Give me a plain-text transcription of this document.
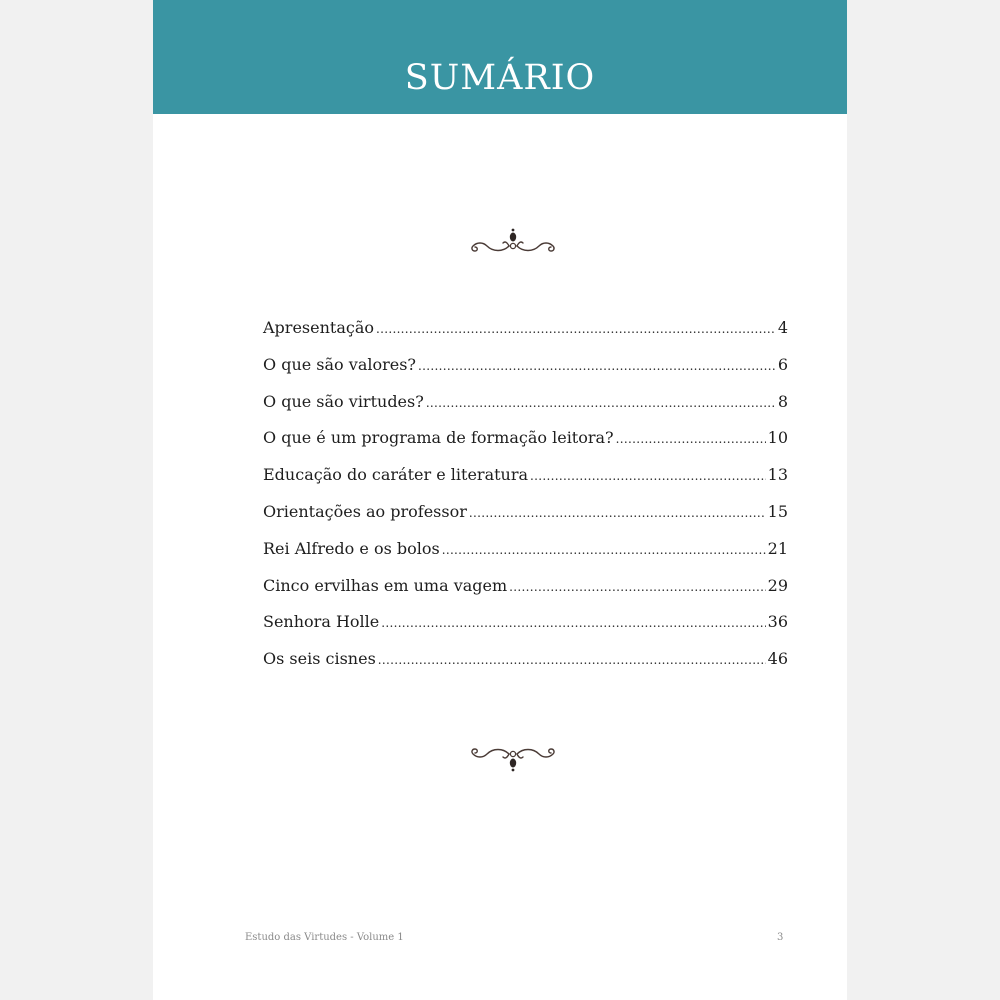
SUMÁRIO
Apresentação .....	4
O que são valores? .....	6
O que são virtudes? .....	8
O que é um programa de formação leitora? .....	10
Educação do caráter e literatura .....	13
Orientações ao professor .....	15
Rei Alfredo e os bolos .....	21
Cinco ervilhas em uma vagem .....	29
Senhora Holle .....	36
Os seis cisnes .....	46
Estudo das Virtudes - Volume 1	3
